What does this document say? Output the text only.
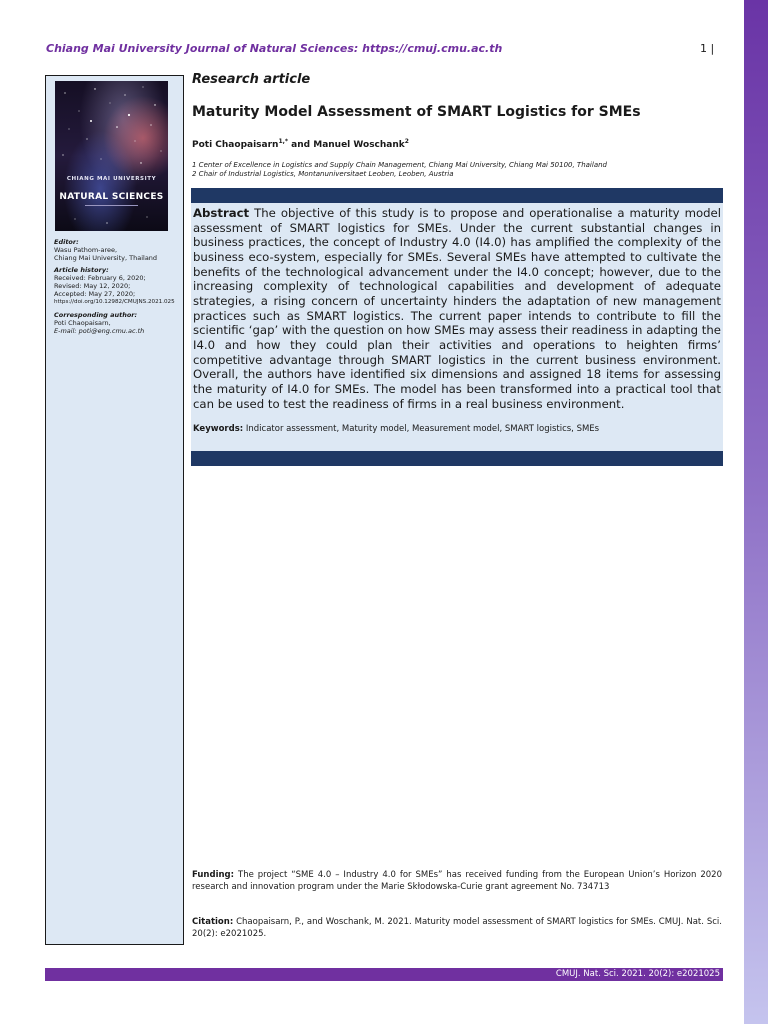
Chiang Mai University Journal of Natural Sciences: https://cmuj.cmu.ac.th	1 |
CHIANG MAI UNIVERSITY
NATURAL SCIENCES
Editor:
Wasu Pathom-aree,
Chiang Mai University, Thailand
Article history:
Received: February 6, 2020;
Revised: May 12, 2020;
Accepted: May 27, 2020;
https://doi.org/10.12982/CMUJNS.2021.025
Corresponding author:
Poti Chaopaisarn,
E-mail: poti@eng.cmu.ac.th
Research article
Maturity Model Assessment of SMART Logistics for SMEs
Poti Chaopaisarn$^{1,*}$ and Manuel Woschank$^2$
1 Center of Excellence in Logistics and Supply Chain Management, Chiang Mai University, Chiang Mai 50100, Thailand
2 Chair of Industrial Logistics, Montanuniversitaet Leoben, Leoben, Austria
Abstract The objective of this study is to propose and operationalise a maturity model assessment of SMART logistics for SMEs. Under the current substantial changes in business practices, the concept of Industry 4.0 (I4.0) has amplified the complexity of the business eco-system, especially for SMEs. Several SMEs have attempted to cultivate the benefits of the technological advancement under the I4.0 concept; however, due to the increasing complexity of technological capabilities and development of adequate strategies, a rising concern of uncertainty hinders the adaptation of new management practices such as SMART logistics. The current paper intends to contribute to fill the scientific ‘gap’ with the question on how SMEs may assess their readiness in adapting the I4.0 and how they could plan their activities and operations to heighten firms’ competitive advantage through SMART logistics in the current business environment. Overall, the authors have identified six dimensions and assigned 18 items for assessing the maturity of I4.0 for SMEs. The model has been transformed into a practical tool that can be used to test the readiness of firms in a real business environment.
Keywords: Indicator assessment, Maturity model, Measurement model, SMART logistics, SMEs
Funding: The project “SME 4.0 – Industry 4.0 for SMEs” has received funding from the European Union’s Horizon 2020 research and innovation program under the Marie Skłodowska-Curie grant agreement No. 734713
Citation: Chaopaisarn, P., and Woschank, M. 2021. Maturity model assessment of SMART logistics for SMEs. CMUJ. Nat. Sci. 20(2): e2021025.
CMUJ. Nat. Sci. 2021. 20(2): e2021025
